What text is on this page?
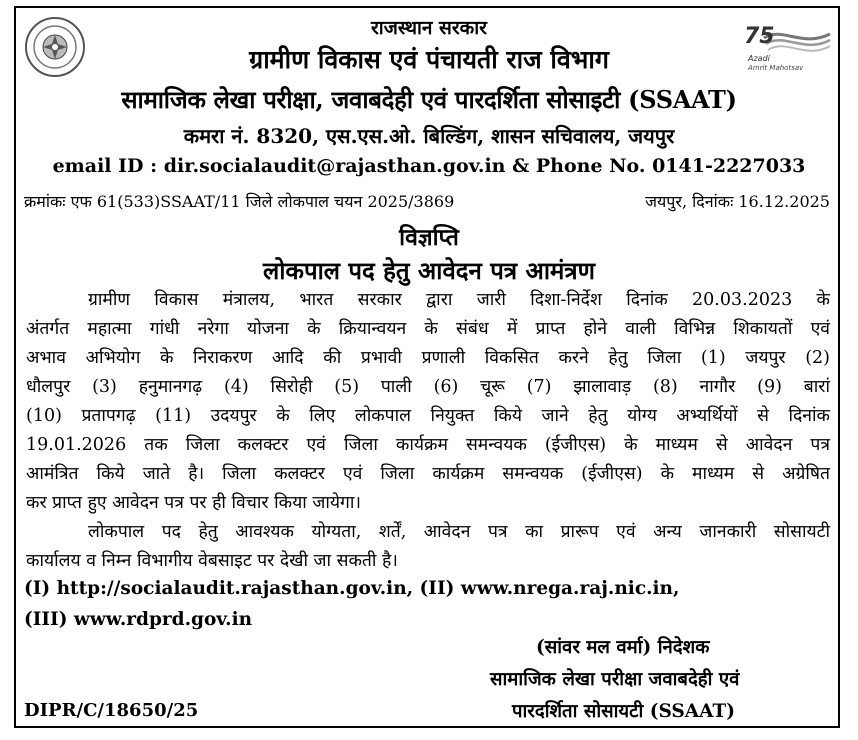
75
Azadi
Amrit Mahotsav
राजस्थान सरकार
ग्रामीण विकास एवं पंचायती राज विभाग
सामाजिक लेखा परीक्षा, जवाबदेही एवं पारदर्शिता सोसाइटी (SSAAT)
कमरा नं. 8320, एस.एस.ओ. बिल्डिंग, शासन सचिवालय, जयपुर
email ID : dir.socialaudit@rajasthan.gov.in & Phone No. 0141-2227033
क्रमांकः एफ 61(533)SSAAT/11 जिले लोकपाल चयन 2025/3869	जयपुर, दिनांकः 16.12.2025
विज्ञप्ति
लोकपाल पद हेतु आवेदन पत्र आमंत्रण
ग्रामीण विकास मंत्रालय, भारत सरकार द्वारा जारी दिशा-निर्देश दिनांक 20.03.2023 के
अंतर्गत महात्मा गांधी नरेगा योजना के क्रियान्वयन के संबंध में प्राप्त होने वाली विभिन्न शिकायतों एवं
अभाव अभियोग के निराकरण आदि की प्रभावी प्रणाली विकसित करने हेतु जिला (1) जयपुर (2)
धौलपुर (3) हनुमानगढ़ (4) सिरोही (5) पाली (6) चूरू (7) झालावाड़ (8) नागौर (9) बारां
(10) प्रतापगढ़ (11) उदयपुर के लिए लोकपाल नियुक्त किये जाने हेतु योग्य अभ्यर्थियों से दिनांक
19.01.2026 तक जिला कलक्टर एवं जिला कार्यक्रम समन्वयक (ईजीएस) के माध्यम से आवेदन पत्र
आमंत्रित किये जाते है। जिला कलक्टर एवं जिला कार्यक्रम समन्वयक (ईजीएस) के माध्यम से अग्रेषित
कर प्राप्त हुए आवेदन पत्र पर ही विचार किया जायेगा।
लोकपाल पद हेतु आवश्यक योग्यता, शर्तें, आवेदन पत्र का प्रारूप एवं अन्य जानकारी सोसायटी
कार्यालय व निम्न विभागीय वेबसाइट पर देखी जा सकती है।
(I) http://socialaudit.rajasthan.gov.in, (II) www.nrega.raj.nic.in,
(III) www.rdprd.gov.in
(सांवर मल वर्मा) निदेशक
सामाजिक लेखा परीक्षा जवाबदेही एवं
पारदर्शिता सोसायटी (SSAAT)
DIPR/C/18650/25
